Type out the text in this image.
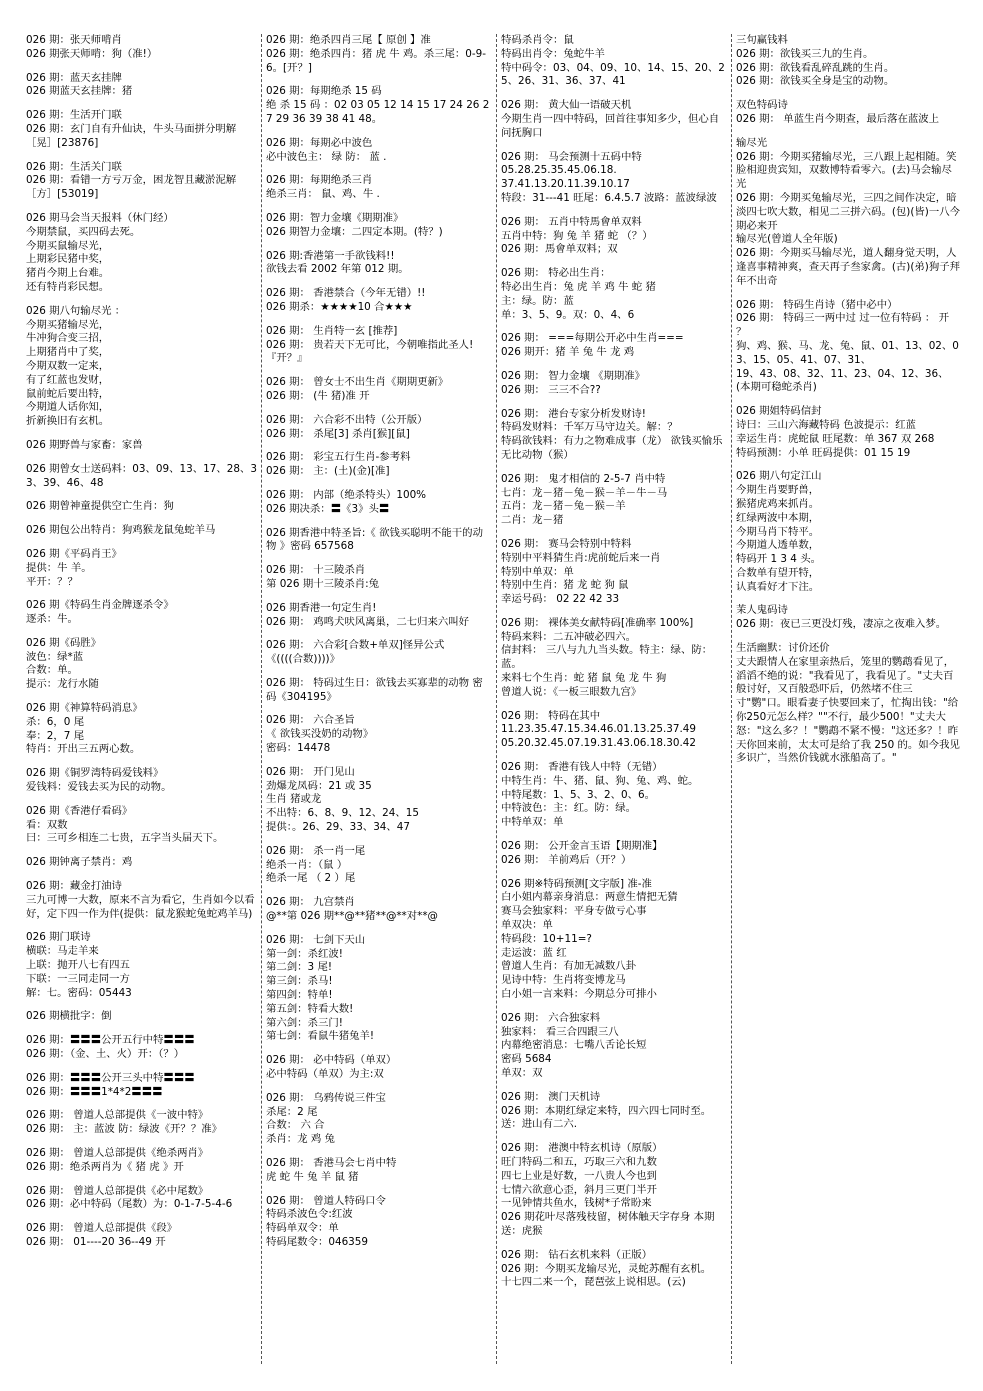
026 期：张天师啃肖
026 期张天师啃：狗（准!）
026 期：蓝天玄挂牌
026 期蓝天玄挂牌：猪
026 期：生活开门联
026 期：玄门自有升仙诀，牛头马面拼分明解［晃］[23876]
026 期：生活关门联
026 期：看错一方亏万金，困龙智且藏淤泥解［方］[53019]
026 期马会当天报料（休门经）
今期禁鼠，买四码去死。
今期买鼠输尽光，
上期彩民猪中奖，
猪肖今期上台难。
还有特肖彩民想。
026 期八句输尽光 ：
今期买猪输尽光，
牛冲狗合变三招，
上期猪肖中了奖，
今期双数一定来，
有了红蓝也发财，
鼠前蛇后要出特，
今期道人话你知，
折新换旧有玄机。
026 期野兽与家畜：家兽
026 期曾女士送码料：03、09、13、17、28、33、39、46、48
026 期曾神童提供空亡生肖：狗
026 期包公出特肖：狗鸡猴龙鼠兔蛇羊马
026 期《平码肖王》
提供：牛 羊。
平开：？？
026 期《特码生肖金牌逐杀令》
逐杀：牛。
026 期《码胜》
波色：绿*蓝
合数：单。
提示：龙行水随
026 期《神算特码消息》
杀：6，0 尾
奉：2，7 尾
特肖：开出三五两心数。
026 期《铜罗湾特码爱钱料》
爱钱料：爱钱去买为民的动物。
026 期《香港仔看码》
看：双数
曰：三可乡相连二七贵，五字当头届天下。
026 期钟离子禁肖：鸡
026 期：藏金打油诗
三九可博一大数，原来不言为看它，生肖如今以看好，定下四一作为伴(提供：鼠龙猴蛇兔蛇鸡羊马)
026 期门联诗
横联：马走羊来
上联：抛开八七有四五
下联：一三同走同一方
解：七。密码：05443
026 期横批字：倒
026 期：〓〓〓公开五行中特〓〓〓
026 期：（金、土、火）开：（？）
026 期：〓〓〓公开三头中特〓〓〓
026 期：〓〓〓1*4*2〓〓〓
026 期： 曾道人总部提供《一波中特》
026 期： 主：蓝波 防：绿波《开？？准》
026 期： 曾道人总部提供《绝杀两肖》
026 期：绝杀两肖为《 猪 虎 》开
026 期： 曾道人总部提供《必中尾数》
026 期：必中特码（尾数）为：0-1-7-5-4-6
026 期： 曾道人总部提供《段》
026 期： 01----20 36--49 开
026 期：绝杀四肖三尾【 原创 】准
026 期：绝杀四肖：猪 虎 牛 鸡。杀三尾：0-9-6。[开？]
026 期：每期绝杀 15 码
绝 杀 15 码 ：02 03 05 12 14 15 17 24 26 27 29 36 39 38 41 48。
026 期：每期必中波色
必中波色主： 绿 防： 蓝 .
026 期：每期绝杀三肖
绝杀三肖： 鼠、鸡、牛 .
026 期：智力金壤《期期准》
026 期智力金壤：二四定本期。(特？)
026 期:香港第一手欲钱料!!
欲钱去看 2002 年第 012 期。
026 期： 香港禁合（今年无错）!!
026 期杀：★★★★10 合★★★
026 期： 生肖特一玄 [推荐]
026 期： 贵若天下无可比，今朝唯指此圣人!『开？』
026 期： 曾女士不出生肖《期期更新》
026 期： (牛 猪)准 开
026 期： 六合彩不出特（公开版）
026 期： 杀尾[3] 杀肖[猴][鼠]
026 期： 彩宝五行生肖-参考料
026 期： 主：(土)(金)[准]
026 期： 内部（绝杀特头）100%
026 期决杀：〓《3》头〓
026 期香港中特圣旨:《 欲钱买聪明不能干的动物 》密码 657568
026 期： 十三陵杀肖
第 026 期十三陵杀肖:兔
026 期香港一句定生肖!
026 期： 鸡鸣犬吠风离巢，二七归来六叫好
026 期： 六合彩[合数+单双]怪异公式
《((((合数))))》
026 期： 特码过生日：欲钱去买寡辈的动物 密码《304195》
026 期： 六合圣旨
《 欲钱买没奶的动物》
密码：14478
026 期： 开门见山
劲爆龙凤码：21 或 35
生肖 猪或龙
不出特：6、8、9、12、24、15
提供：。26、29、33、34、47
026 期： 杀一肖一尾
绝杀一肖：（鼠 ）
绝杀一尾 （ 2 ）尾
026 期： 九宫禁肖
@**第 026 期**@**猪**@**对**@
026 期： 七剑下天山
第一剑：杀红波!
第二剑：3 尾!
第三剑：杀马!
第四剑：特单!
第五剑：特看大数!
第六剑：杀三门!
第七剑：看鼠牛猪兔羊!
026 期： 必中特码（单双）
必中特码（单双）为主:双
026 期： 乌鸦传说三件宝
杀尾：2 尾
合数： 六 合
杀肖：龙 鸡 兔
026 期： 香港马会七肖中特
虎 蛇 牛 兔 羊 鼠 猪
026 期： 曾道人特码口令
特码杀波色令:红波
特码单双令：单
特码尾数令：046359
特码杀肖令：鼠
特码出肖令：兔蛇牛羊
特中码令：03、04、09、10、14、15、20、25、26、31、36、37、41
026 期： 黄大仙一语破天机
今期生肖一四中特码，回首往事知多少，但心自问抚胸口
026 期： 马会预测十五码中特
05.28.25.35.45.06.18.
37.41.13.20.11.39.10.17
特段：31---41 旺尾：6.4.5.7 波路：蓝波绿波
026 期： 五肖中特馬會单双料
五肖中特：狗 兔 羊 猪 蛇 （？）
026 期：馬會单双料；双
026 期： 特必出生肖：
特必出生肖：兔 虎 羊 鸡 牛 蛇 猪
主：绿。防：蓝
单：3、5、9。双：0、4、6
026 期： ===每期公开必中生肖===
026 期开：猪 羊 兔 牛 龙 鸡
026 期： 智力金壤 《期期准》
026 期： 三三不合??
026 期： 港台专家分析发财诗!
特码发财料：千军万马守边关。解：？
特码欲钱料：有力之物难成事（龙） 欲钱买愉乐无比动物（猴）
026 期： 鬼才相信的 2-5-7 肖中特
七肖：龙－猪－兔－猴－羊－牛－马
五肖：龙－猪－兔－猴－羊
二肖：龙－猪
026 期： 赛马会特别中特料
特别中平料猜生肖:虎前蛇后来一肖
特别中单双：单
特别中生肖：猪 龙 蛇 狗 鼠
幸运号码： 02 22 42 33
026 期： 裸体美女献特码[准确率 100%]
特码来料：二五冲破必四六。
信封料： 三八与九九当头数。特主：绿、防：蓝。
来料七个生肖：蛇 猪 鼠 兔 龙 牛 狗
曾道人说：《一板三眼数九宫》
026 期： 特码在其中
11.23.35.47.15.34.46.01.13.25.37.49
05.20.32.45.07.19.31.43.06.18.30.42
026 期： 香港有钱人中特（无错）
中特生肖：牛、猪、鼠、狗、兔、鸡、蛇。
中特尾数：1、5、3、2、0、6。
中特波色：主：红。防：绿。
中特单双：单
026 期： 公开金言玉语【期期准】
026 期： 羊前鸡后（开？）
026 期※特码预测[文字版] 准-准
白小姐内幕亲身消息：两意生情把无猜
赛马会独家料：平身专做亏心事
单双决：单
特码段：10+11=?
走运波：蓝 红
曾道人生肖：有加无减数八卦
见诗中特：生肖将变博龙马
白小姐一言来料：今期总分可排小
026 期： 六合独家料
独家料： 看三合四跟三八
内幕绝密消息：七嘴八舌论长短
密码 5684
单双：双
026 期： 澳门天机诗
026 期：本期红绿定来特，四六四七同时至。
送：进山有二六.
026 期： 港澳中特玄机诗（原版）
旺门特码二和五，巧取三六和九数
四七上业是好数，一八贵人今也到
七情六欲意心歪，斜月三更门半开
一见钟情共鱼水，钱树*子常盼来
026 期花叶尽落残枝留，树体触天字存身 本期送：虎猴
026 期： 钻石玄机来料（正版）
026 期：今期买龙输尽光，灵蛇苏醒有玄机。
十七四二来一个，琵琶弦上说相思。(云)
三句赢钱料
026 期：欲钱买三九的生肖。
026 期：欲钱看乱碎乱跳的生肖。
026 期：欲钱买全身是宝的动物。
双色特码诗
026 期： 单蓝生肖今期查，最后落在蓝波上
输尽光
026 期：今期买猪输尽光，三八跟上起相随。笑脸相迎贵宾知，双数博特看零六。(去)马会输尽光
026 期：今期买兔输尽光，三四之间作决定，暗淡四七吹大数，相见二三拼六码。(包)(皆)一八今期必来开
输尽光(曾道人全年版)
026 期：今期买马输尽光，道人翻身觉天明，人逢喜事精神爽，查天再子叁家禽。(古)(弟)狗子拜年不出奇
026 期： 特码生肖诗（猪中必中）
026 期： 特码三一两中过 过一位有特码 ： 开 ？
狗、鸡、猴、马、龙、兔、鼠、01、13、02、03、15、05、41、07、31、
19、43、08、32、11、23、04、12、36、(本期可稳蛇杀肖)
026 期姐特码信封
诗曰：三山六海藏特码 色波提示：红蓝
幸运生肖：虎蛇鼠 旺尾数：单 367 双 268
特码预测：小单 旺码提供：01 15 19
026 期八句定江山
今期生肖要野兽，
猴猪虎鸡来抓肖。
红绿两波中本期，
今期马肖下特平。
今期道人透单数，
特码开 1 3 4 头。
合数单有望开特，
认真看好才下注。
茉人鬼码诗
026 期：夜已三更没灯残，凄凉之夜难入梦。
生活幽默：讨价还价
丈夫跟情人在家里亲热后，笼里的鹦鹉看见了，滔滔不绝的说："我看见了，我看见了。"丈夫百般讨好，又百般恐吓后，仍然堵不住三寸"鹦"口。眼看妻子快要回来了，忙掏出钱："给你250元怎么样？""不行，最少500！"丈夫大怒："这么多？！"鹦鹉不紧不慢："这还多？！昨天你回来前，太太可是给了我 250 的。如今我见多识广，当然价钱就水涨船高了。"
